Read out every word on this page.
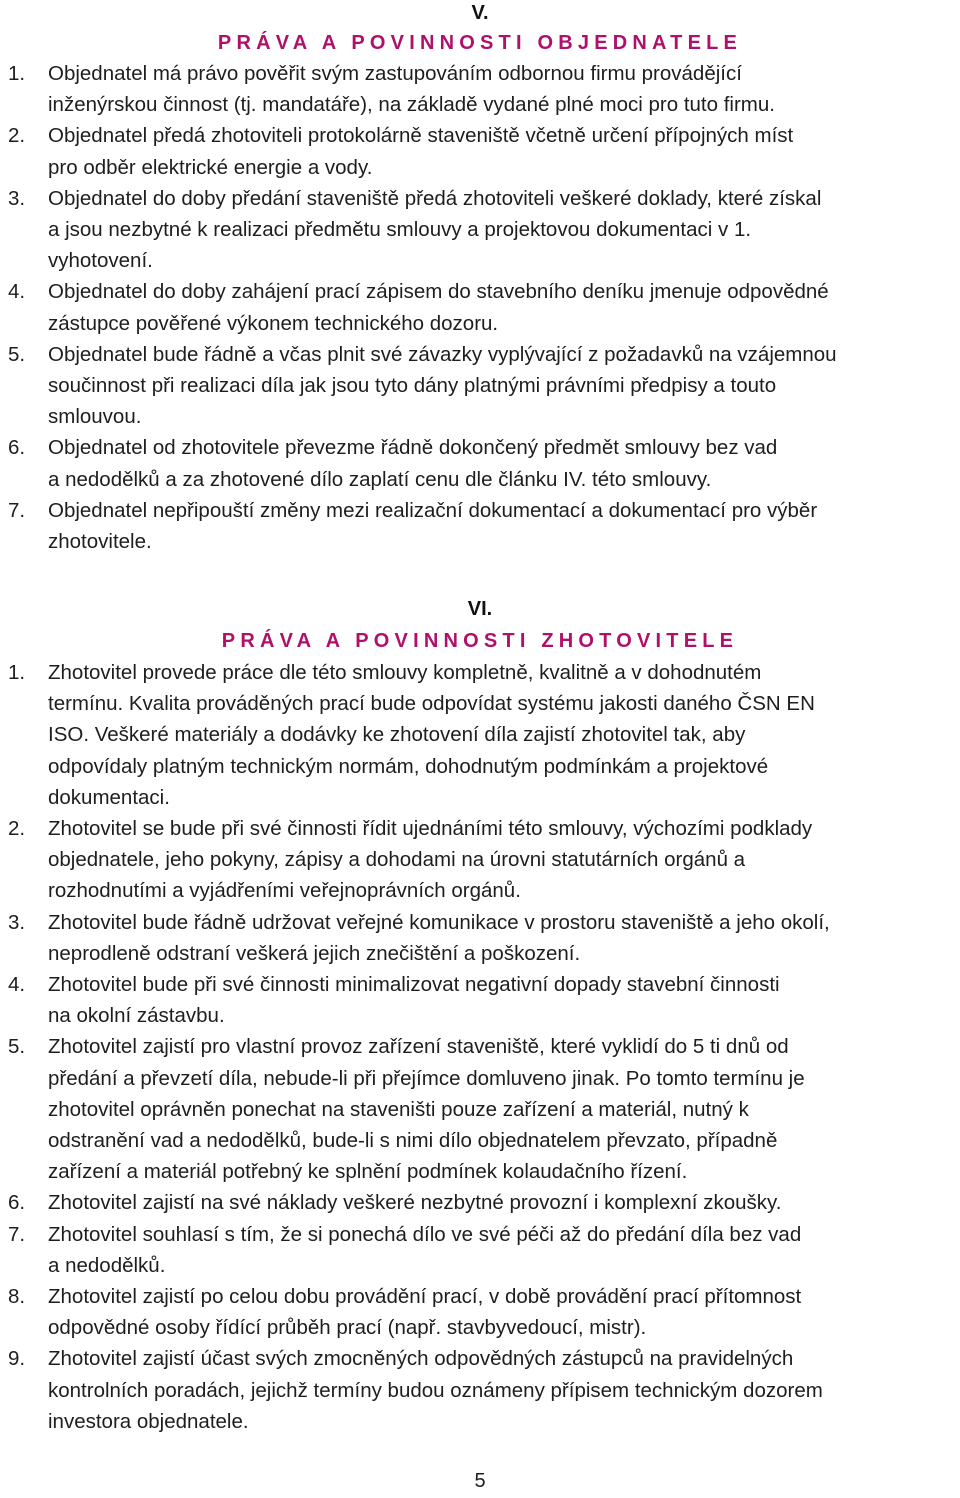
V.
PRÁVA A POVINNOSTI OBJEDNATELE
1. Objednatel má právo pověřit svým zastupováním odbornou firmu provádějící
inženýrskou činnost (tj. mandatáře), na základě vydané plné moci pro tuto firmu.
2. Objednatel předá zhotoviteli protokolárně staveniště včetně určení přípojných míst
pro odběr elektrické energie a vody.
3. Objednatel do doby předání staveniště předá zhotoviteli veškeré doklady, které získal
a jsou nezbytné k realizaci předmětu smlouvy a projektovou dokumentaci v 1.
vyhotovení.
4. Objednatel do doby zahájení prací zápisem do stavebního deníku jmenuje odpovědné
zástupce pověřené výkonem technického dozoru.
5. Objednatel bude řádně a včas plnit své závazky vyplývající z požadavků na vzájemnou
součinnost při realizaci díla jak jsou tyto dány platnými právními předpisy a touto
smlouvou.
6. Objednatel od zhotovitele převezme řádně dokončený předmět smlouvy bez vad
a nedodělků a za zhotovené dílo zaplatí cenu dle článku IV. této smlouvy.
7. Objednatel nepřipouští změny mezi realizační dokumentací a dokumentací pro výběr
zhotovitele.
VI.
PRÁVA A POVINNOSTI ZHOTOVITELE
1. Zhotovitel provede práce dle této smlouvy kompletně, kvalitně a v dohodnutém
termínu. Kvalita prováděných prací bude odpovídat systému jakosti daného ČSN EN
ISO. Veškeré materiály a dodávky ke zhotovení díla zajistí zhotovitel tak, aby
odpovídaly platným technickým normám, dohodnutým podmínkám a projektové
dokumentaci.
2. Zhotovitel se bude při své činnosti řídit ujednáními této smlouvy, výchozími podklady
objednatele, jeho pokyny, zápisy a dohodami na úrovni statutárních orgánů a
rozhodnutími a vyjádřeními veřejnoprávních orgánů.
3. Zhotovitel bude řádně udržovat veřejné komunikace v prostoru staveniště a jeho okolí,
neprodleně odstraní veškerá jejich znečištění a poškození.
4. Zhotovitel bude při své činnosti minimalizovat negativní dopady stavební činnosti
na okolní zástavbu.
5. Zhotovitel zajistí pro vlastní provoz zařízení staveniště, které vyklidí do 5 ti dnů od
předání a převzetí díla, nebude-li při přejímce domluveno jinak. Po tomto termínu je
zhotovitel oprávněn ponechat na staveništi pouze zařízení a materiál, nutný k
odstranění vad a nedodělků, bude-li s nimi dílo objednatelem převzato, případně
zařízení a materiál potřebný ke splnění podmínek kolaudačního řízení.
6. Zhotovitel zajistí na své náklady veškeré nezbytné provozní i komplexní zkoušky.
7. Zhotovitel souhlasí s tím, že si ponechá dílo ve své péči až do předání díla bez vad
a nedodělků.
8. Zhotovitel zajistí po celou dobu provádění prací, v době provádění prací přítomnost
odpovědné osoby řídící průběh prací (např. stavbyvedoucí, mistr).
9. Zhotovitel zajistí účast svých zmocněných odpovědných zástupců na pravidelných
kontrolních poradách, jejichž termíny budou oznámeny přípisem technickým dozorem
investora objednatele.
5
